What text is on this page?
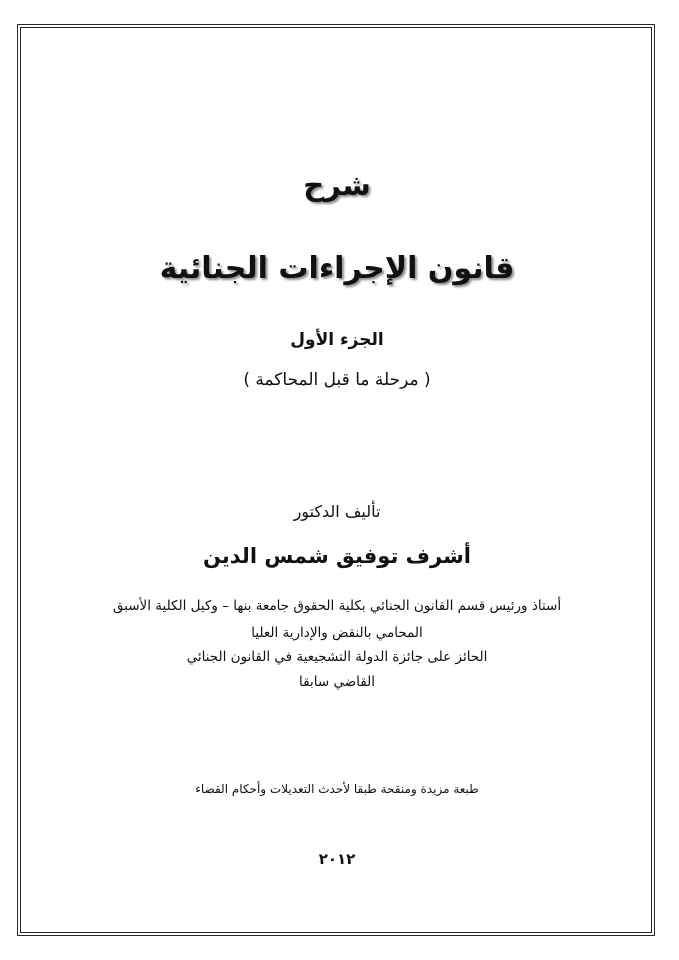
شرح
قانون الإجراءات الجنائية
الجزء الأول
( مرحلة ما قبل المحاكمة )
تأليف الدكتور
أشرف توفيق شمس الدين
أستاذ ورئيس قسم القانون الجنائي بكلية الحقوق جامعة بنها – وكيل الكلية الأسبق
المحامي بالنقض والإدارية العليا
الحائز على جائزة الدولة التشجيعية في القانون الجنائي
القاضي سابقا
طبعة مزيدة ومنقحة طبقا لأحدث التعديلات وأحكام القضاء
٢٠١٢
